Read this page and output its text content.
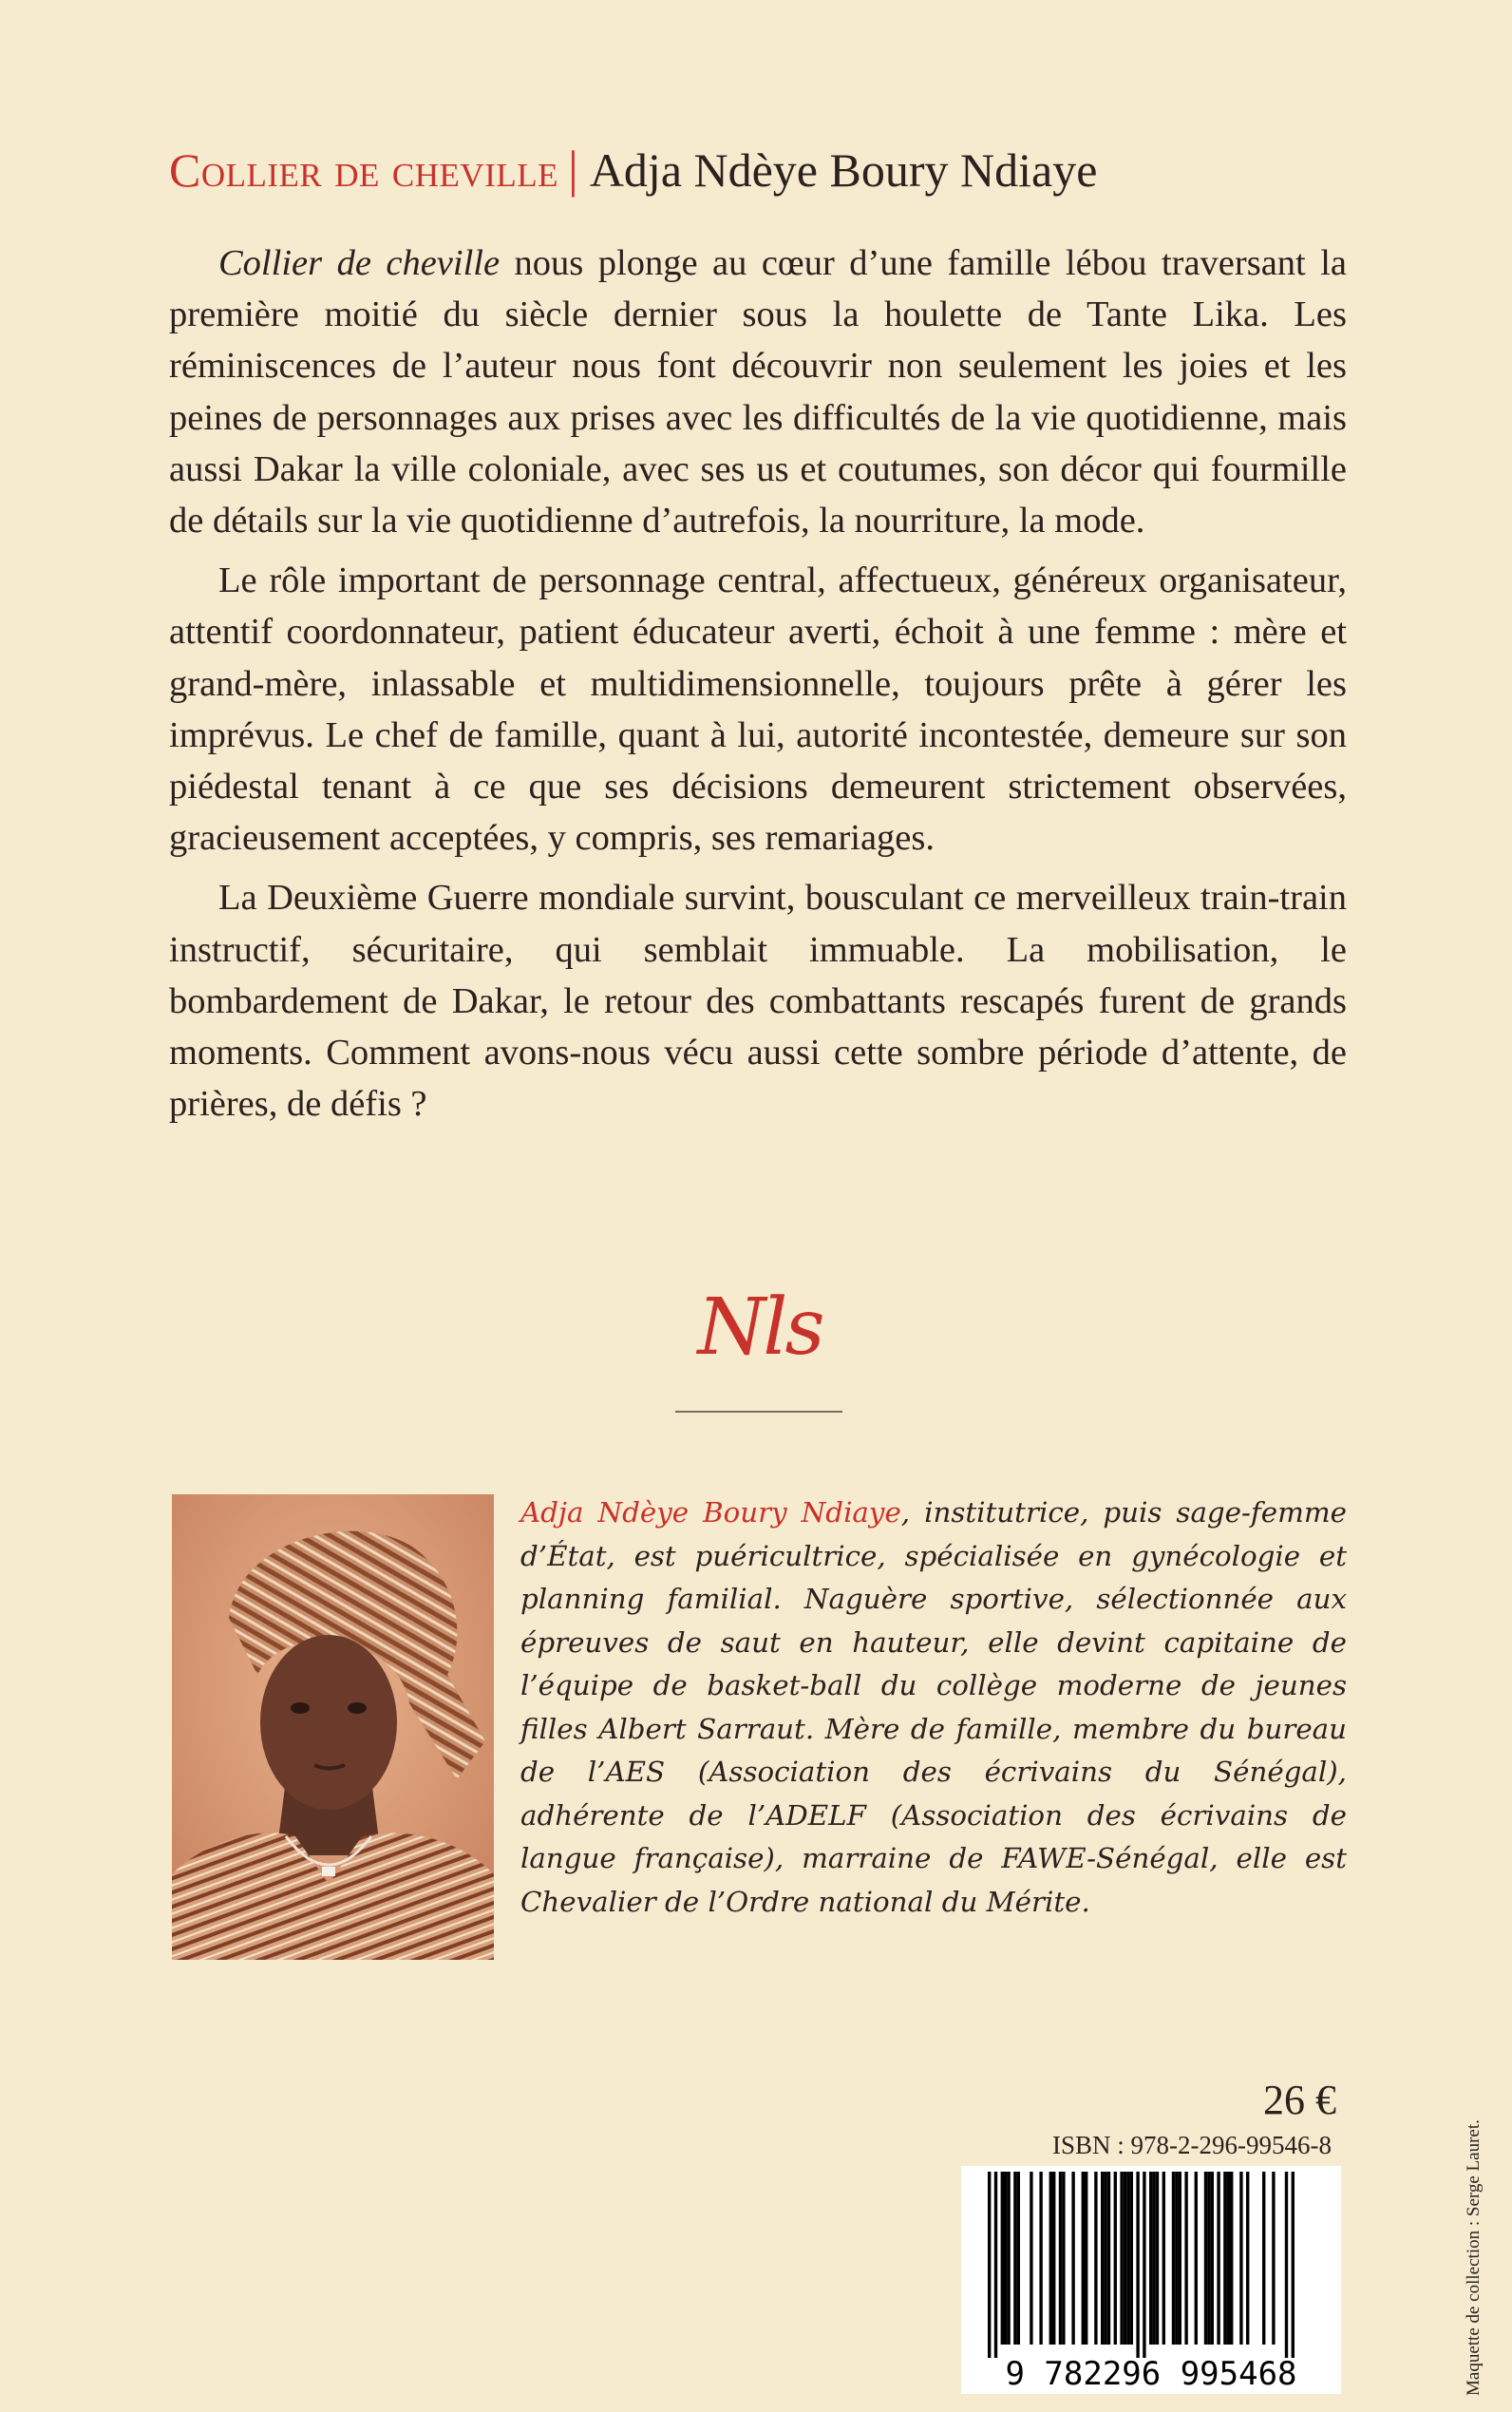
Collier de cheville | Adja Ndèye Boury Ndiaye

Collier de cheville nous plonge au cœur d’une famille lébou traversant la première moitié du siècle dernier sous la houlette de Tante Lika. Les réminiscences de l’auteur nous font découvrir non seulement les joies et les peines de personnages aux prises avec les difficultés de la vie quotidienne, mais aussi Dakar la ville coloniale, avec ses us et coutumes, son décor qui fourmille de détails sur la vie quotidienne d’autrefois, la nourriture, la mode.

Le rôle important de personnage central, affectueux, généreux organisateur, attentif coordonnateur, patient éducateur averti, échoit à une femme : mère et grand-mère, inlassable et multidimensionnelle, toujours prête à gérer les imprévus. Le chef de famille, quant à lui, autorité incontestée, demeure sur son piédestal tenant à ce que ses décisions demeurent strictement observées, gracieusement acceptées, y compris, ses remariages.

La Deuxième Guerre mondiale survint, bousculant ce merveilleux train-train instructif, sécuritaire, qui semblait immuable. La mobilisation, le bombardement de Dakar, le retour des combattants rescapés furent de grands moments. Comment avons-nous vécu aussi cette sombre période d’attente, de prières, de défis ?

Nls
Adja Ndèye Boury Ndiaye, institutrice, puis sage-femme d’État, est puéricultrice, spécialisée en gynécologie et planning familial. Naguère sportive, sélectionnée aux épreuves de saut en hauteur, elle devint capitaine de l’équipe de basket-ball du collège moderne de jeunes filles Albert Sarraut. Mère de famille, membre du bureau de l’AES (Association des écrivains du Sénégal), adhérente de l’ADELF (Association des écrivains de langue française), marraine de FAWE-Sénégal, elle est Chevalier de l’Ordre national du Mérite.
Maquette de collection : Serge Lauret.
26 €
ISBN : 978-2-296-99546-8
9 782296 995468
